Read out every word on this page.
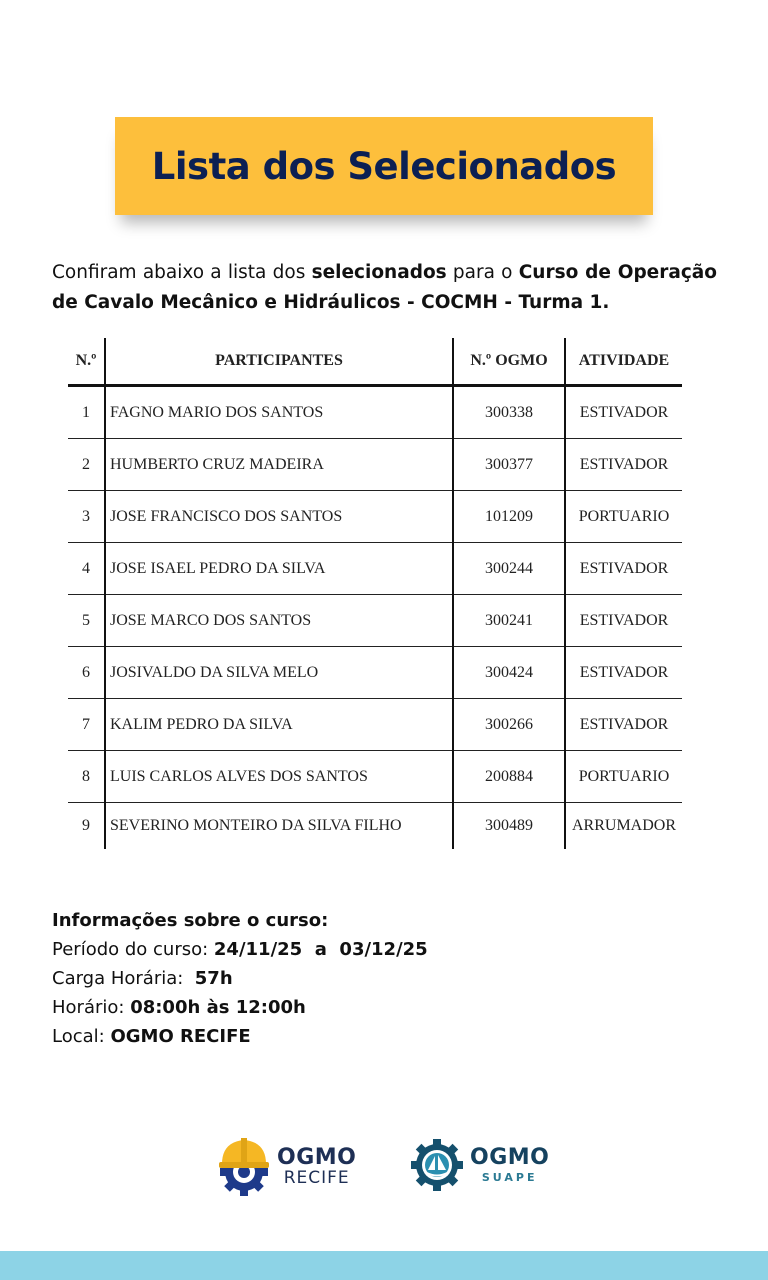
Lista dos Selecionados

Confiram abaixo a lista dos selecionados para o Curso de Operação de Cavalo Mecânico e Hidráulicos - COCMH - Turma 1.

N.º	PARTICIPANTES	N.º OGMO	ATIVIDADE
1	FAGNO MARIO DOS SANTOS	300338	ESTIVADOR
2	HUMBERTO CRUZ MADEIRA	300377	ESTIVADOR
3	JOSE FRANCISCO DOS SANTOS	101209	PORTUARIO
4	JOSE ISAEL PEDRO DA SILVA	300244	ESTIVADOR
5	JOSE MARCO DOS SANTOS	300241	ESTIVADOR
6	JOSIVALDO DA SILVA MELO	300424	ESTIVADOR
7	KALIM PEDRO DA SILVA	300266	ESTIVADOR
8	LUIS CARLOS ALVES DOS SANTOS	200884	PORTUARIO
9	SEVERINO MONTEIRO DA SILVA FILHO	300489	ARRUMADOR
Informações sobre o curso:
Período do curso: 24/11/25  a  03/12/25
Carga Horária:  57h
Horário: 08:00h às 12:00h
Local: OGMO RECIFE
OGMO
RECIFE
OGMO
SUAPE
